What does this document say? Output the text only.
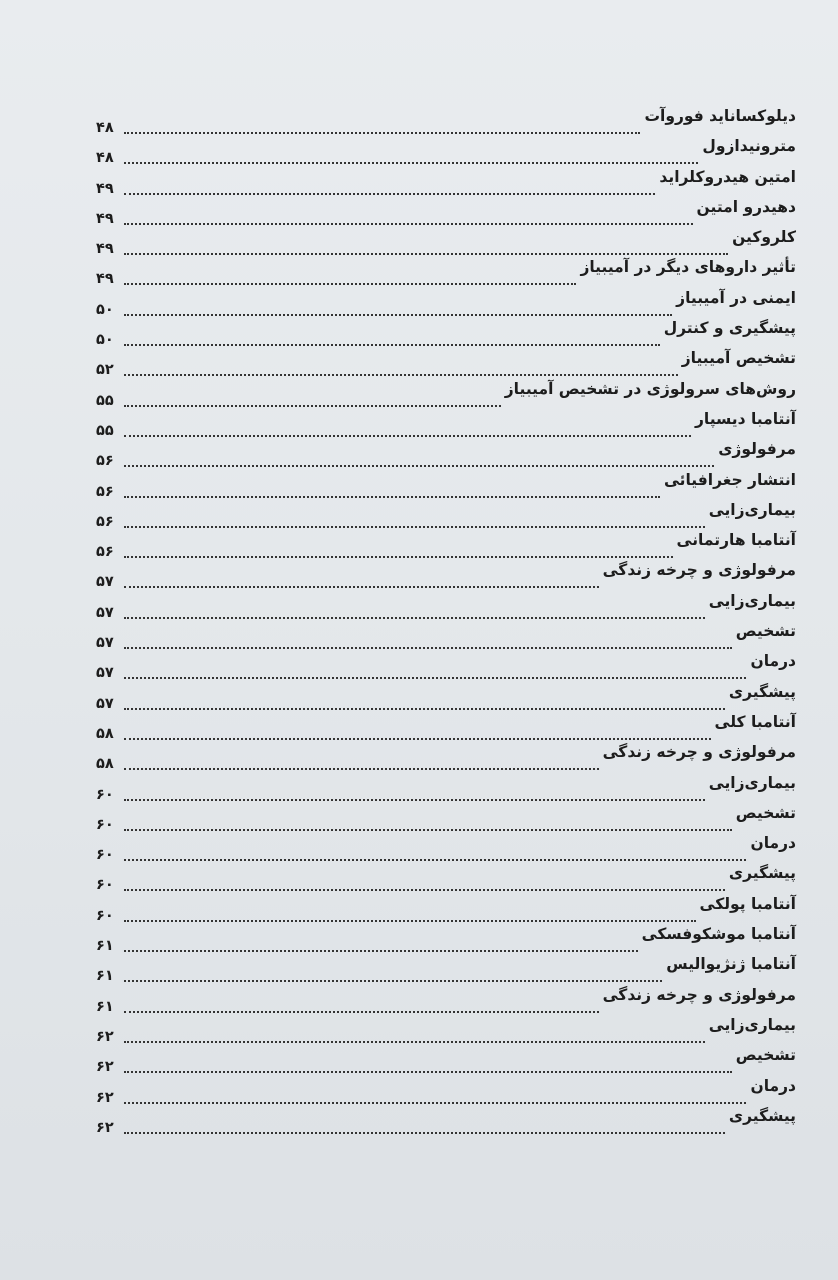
دیلوکساناید فوروآت
۴۸
مترونیدازول
۴۸
امتین هیدروکلراید
۴۹
دهیدرو امتین
۴۹
کلروکین
۴۹
تأثیر داروهای دیگر در آمیبیاز
۴۹
ایمنی در آمیبیاز
۵۰
پیشگیری و کنترل
۵۰
تشخیص آمیبیاز
۵۲
روش‌های سرولوژی در تشخیص آمیبیاز
۵۵
آنتامبا دیسپار
۵۵
مرفولوژی
۵۶
انتشار جغرافیائی
۵۶
بیماری‌زایی
۵۶
آنتامبا هارتمانی
۵۶
مرفولوژی و چرخه زندگی
۵۷
بیماری‌زایی
۵۷
تشخیص
۵۷
درمان
۵۷
پیشگیری
۵۷
آنتامبا کلی
۵۸
مرفولوژی و چرخه زندگی
۵۸
بیماری‌زایی
۶۰
تشخیص
۶۰
درمان
۶۰
پیشگیری
۶۰
آنتامبا پولکی
۶۰
آنتامبا موشکوفسکی
۶۱
آنتامبا ژنژیوالیس
۶۱
مرفولوژی و چرخه زندگی
۶۱
بیماری‌زایی
۶۲
تشخیص
۶۲
درمان
۶۲
پیشگیری
۶۲
